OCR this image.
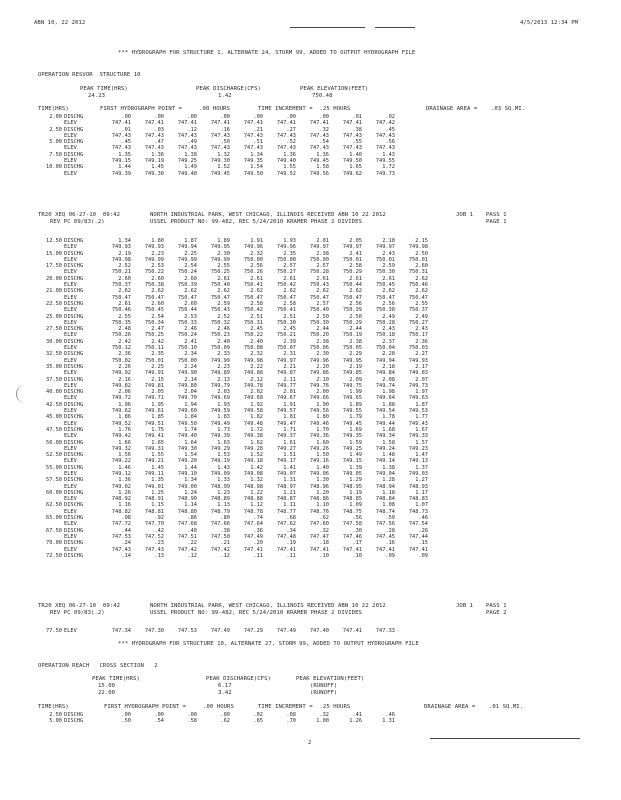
ABN 10, 22 2012	4/5/2013 12:34 PM
*** HYDROGRAPH FOR STRUCTURE 1, ALTERNATE 24, STORM 99, ADDED TO OUTPUT HYDROGRAPH FILE
OPERATION RESVOR  STRUCTURE 10
PEAK TIME(HRS)	PEAK DISCHARGE(CFS)	PEAK ELEVATION(FEET)
24.23	1.42	750.48
TIME(HRS)	FIRST HYDROGRAPH POINT =     .00 HOURS	TIME INCREMENT =  .25 HOURS	DRAINAGE AREA =    .03 SQ.MI.
2.00 DISCHG	.00	.00	.00	.00	.00	.00	.00	.01	.02
ELEV	747.41	747.41	747.41	747.41	747.41	747.41	747.41	747.41	747.42
2.50 DISCHG	.01	.03	.12	.16	.21	.27	.32	.38	.45
ELEV	747.43	747.43	747.43	747.43	747.43	747.43	747.43	747.43	747.43
5.00 DISCHG	.45	.47	.49	.50	.51	.52	.54	.55	.56
ELEV	747.43	747.43	747.43	747.43	747.43	747.43	747.43	747.43	747.43
7.50 DISCHG	1.35	1.36	1.38	1.32	1.34	1.36	1.36	1.40	1.43
ELEV	749.15	749.19	749.25	749.30	749.35	749.40	749.45	749.50	749.55
10.00 DISCHG	1.44	1.45	1.49	1.52	1.54	1.55	1.58	1.65	1.72
ELEV	749.39	749.30	749.40	749.45	749.50	749.52	749.56	749.62	749.73
TR20 XEQ 06-27-10  09:42
REV PC 09/83(.2)
NORTH INDUSTRIAL PARK, WEST CHICAGO, ILLINOIS RECEIVED ABN 10 22 2012
USSEL PRODUCT NO: 99-482, REC 5/24/2010 KRAMER PHASE 2 DIVIDES
JOB 1 PASS 1
PAGE 1
12.50 DISCHG	1.34	1.80	1.87	1.89	1.91	1.93	2.01	2.05	2.10	2.15
ELEV	749.93	749.93	749.94	749.95	749.96	749.96	749.97	749.97	749.97	749.98
15.00 DISCHG	2.19	2.23	2.25	2.30	2.32	2.35	2.38	2.41	2.43	2.50
ELEV	749.98	749.99	749.99	749.99	750.00	750.00	750.00	750.01	750.01	750.01
17.50 DISCHG	2.52	2.53	2.54	2.55	2.56	2.57	2.57	2.58	2.59	2.60
ELEV	750.21	750.22	750.24	750.25	750.26	750.27	750.28	750.29	750.30	750.31
20.00 DISCHG	2.60	2.60	2.60	2.61	2.61	2.61	2.61	2.61	2.61	2.62
ELEV	750.37	750.38	750.39	750.40	750.41	750.42	750.43	750.44	750.45	750.46
21.00 DISCHG	2.62	2.62	2.62	2.62	2.62	2.62	2.62	2.62	2.62	2.62
ELEV	750.47	750.47	750.47	750.47	750.47	750.47	750.47	750.47	750.47	750.47
22.50 DISCHG	2.61	2.60	2.60	2.59	2.58	2.58	2.57	2.56	2.56	2.55
ELEV	750.46	750.45	750.44	750.43	750.42	750.41	750.40	750.39	750.38	750.37
25.00 DISCHG	2.55	2.54	2.53	2.52	2.51	2.51	2.50	2.50	2.49	2.49
ELEV	750.35	750.34	750.33	750.32	750.31	750.30	750.30	750.29	750.28	750.27
27.50 DISCHG	2.48	2.47	2.46	2.46	2.45	2.45	2.44	2.44	2.43	2.43
ELEV	750.26	750.25	750.24	750.23	750.22	750.21	750.20	750.19	750.18	750.17
30.00 DISCHG	2.42	2.42	2.41	2.40	2.40	2.39	2.38	2.38	2.37	2.36
ELEV	750.12	750.11	750.10	750.09	750.08	750.07	750.06	750.05	750.04	750.03
32.50 DISCHG	2.36	2.35	2.34	2.33	2.32	2.31	2.30	2.29	2.28	2.27
ELEV	750.02	750.01	750.00	749.99	749.98	749.97	749.96	749.95	749.94	749.93
35.00 DISCHG	2.26	2.25	2.24	2.23	2.22	2.21	2.20	2.19	2.18	2.17
ELEV	749.92	749.91	749.90	749.89	749.88	749.87	749.86	749.85	749.84	749.83
37.50 DISCHG	2.16	2.15	2.14	2.13	2.12	2.11	2.10	2.09	2.08	2.07
ELEV	749.82	749.81	749.80	749.79	749.78	749.77	749.76	749.75	749.74	749.73
40.00 DISCHG	2.06	2.05	2.04	2.03	2.02	2.01	2.00	1.99	1.98	1.97
ELEV	749.72	749.71	749.70	749.69	749.68	749.67	749.66	749.65	749.64	749.63
42.50 DISCHG	1.96	1.95	1.94	1.93	1.92	1.91	1.90	1.89	1.88	1.87
ELEV	749.62	749.61	749.60	749.59	749.58	749.57	749.56	749.55	749.54	749.53
45.00 DISCHG	1.86	1.85	1.84	1.83	1.82	1.81	1.80	1.79	1.78	1.77
ELEV	749.52	749.51	749.50	749.49	749.48	749.47	749.46	749.45	749.44	749.43
47.50 DISCHG	1.76	1.75	1.74	1.73	1.72	1.71	1.70	1.69	1.68	1.67
ELEV	749.42	749.41	749.40	749.39	749.38	749.37	749.36	749.35	749.34	749.33
50.00 DISCHG	1.66	1.65	1.64	1.63	1.62	1.61	1.60	1.59	1.58	1.57
ELEV	749.32	749.31	749.30	749.29	749.28	749.27	749.26	749.25	749.24	749.23
52.50 DISCHG	1.56	1.55	1.54	1.53	1.52	1.51	1.50	1.49	1.48	1.47
ELEV	749.22	749.21	749.20	749.19	749.18	749.17	749.16	749.15	749.14	749.13
55.00 DISCHG	1.46	1.45	1.44	1.43	1.42	1.41	1.40	1.39	1.38	1.37
ELEV	749.12	749.11	749.10	749.09	749.08	749.07	749.06	749.05	749.04	749.03
57.50 DISCHG	1.36	1.35	1.34	1.33	1.32	1.31	1.30	1.29	1.28	1.27
ELEV	749.02	749.01	749.00	748.99	748.98	748.97	748.96	748.95	748.94	748.93
60.00 DISCHG	1.26	1.25	1.24	1.23	1.22	1.21	1.20	1.19	1.18	1.17
ELEV	748.92	748.91	748.90	748.89	748.88	748.87	748.86	748.85	748.84	748.83
62.50 DISCHG	1.16	1.15	1.14	1.13	1.12	1.11	1.10	1.09	1.08	1.07
ELEV	748.82	748.81	748.80	748.79	748.78	748.77	748.76	748.75	748.74	748.73
65.00 DISCHG	.98	.92	.86	.80	.74	.68	.62	.56	.50	.46
ELEV	747.72	747.70	747.68	747.66	747.64	747.62	747.60	747.58	747.56	747.54
67.50 DISCHG	.44	.42	.40	.38	.36	.34	.32	.30	.28	.26
ELEV	747.53	747.52	747.51	747.50	747.49	747.48	747.47	747.46	747.45	747.44
70.00 DISCHG	.24	.23	.22	.21	.20	.19	.18	.17	.16	.15
ELEV	747.43	747.43	747.42	747.42	747.41	747.41	747.41	747.41	747.41	747.41
72.50 DISCHG	.14	.13	.12	.12	.11	.11	.10	.10	.09	.09
TR20 XEQ 06-27-10  09:42
REV PC 09/83(.2)
NORTH INDUSTRIAL PARK, WEST CHICAGO, ILLINOIS RECEIVED ABN 10 22 2012
USSEL PRODUCT NO: 99-482, REC 5/24/2010 KRAMER PHASE 2 DIVIDES
JOB 1 PASS 1
PAGE 2
77.50 ELEV	747.34	747.30	747.53	747.49	747.29	747.49	747.40	747.41	747.33
*** HYDROGRAPH FOR STRUCTURE 10, ALTERNATE 27, STORM 99, ADDED TO OUTPUT HYDROGRAPH FILE
OPERATION REACH   CROSS SECTION   2
PEAK TIME(HRS)	PEAK DISCHARGE(CFS)	PEAK ELEVATION(FEET)
15.00	6.17	(RUNOFF)
22.00	3.42	(RUNOFF)
TIME(HRS)	FIRST HYDROGRAPH POINT =     .00 HOURS	TIME INCREMENT =  .25 HOURS	DRAINAGE AREA =    .01 SQ.MI.
2.50 DISCHG	.00	.00	.00	.00	.02	.08	.32	.41	.46
5.00 DISCHG	.50	.54	.58	.62	.65	.70	1.00	1.26	1.31
2
